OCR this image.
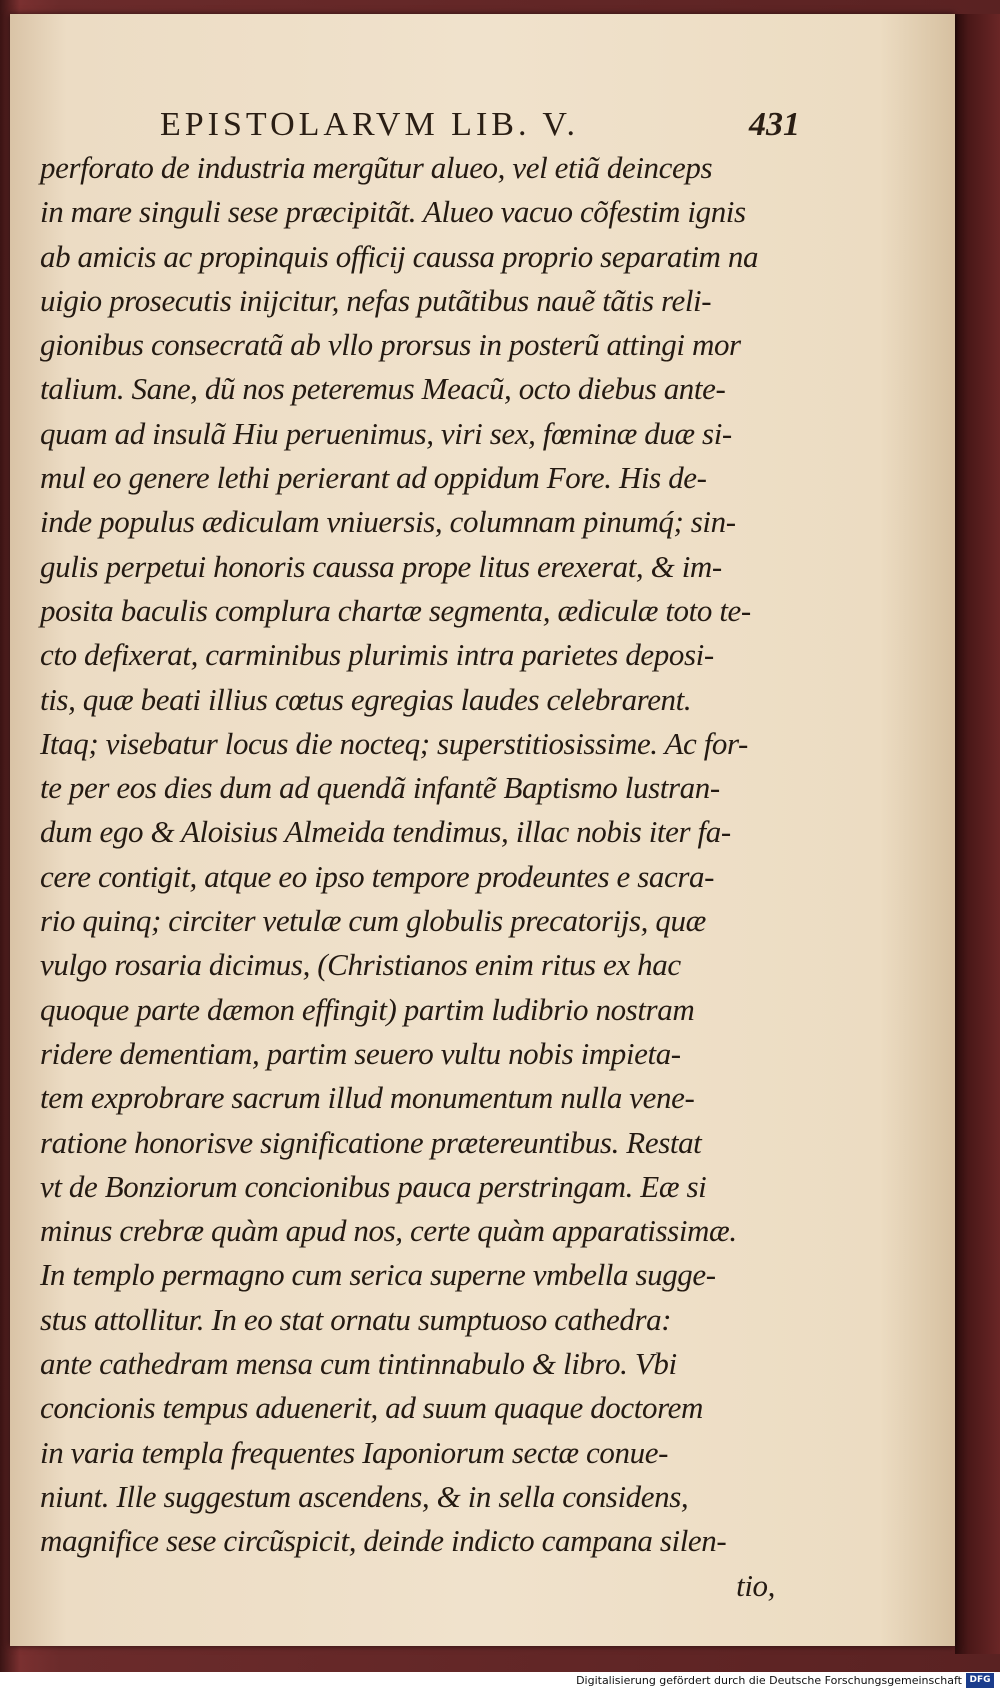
EPISTOLARVM LIB. V.	431
perforato de industria mergũtur alueo, vel etiã deinceps
in mare singuli sese præcipitãt. Alueo vacuo cõfestim ignis
ab amicis ac propinquis officij caussa proprio separatim na
uigio prosecutis inijcitur, nefas putãtibus nauẽ tãtis reli-
gionibus consecratã ab vllo prorsus in posterũ attingi mor
talium. Sane, dũ nos peteremus Meacũ, octo diebus ante-
quam ad insulã Hiu peruenimus, viri sex, fœminæ duæ si-
mul eo genere lethi perierant ad oppidum Fore. His de-
inde populus ædiculam vniuersis, columnam pinumq́; sin-
gulis perpetui honoris caussa prope litus erexerat, & im-
posita baculis complura chartæ segmenta, ædiculæ toto te-
cto defixerat, carminibus plurimis intra parietes deposi-
tis, quæ beati illius cœtus egregias laudes celebrarent.
Itaq; visebatur locus die nocteq; superstitiosissime. Ac for-
te per eos dies dum ad quendã infantẽ Baptismo lustran-
dum ego & Aloisius Almeida tendimus, illac nobis iter fa-
cere contigit, atque eo ipso tempore prodeuntes e sacra-
rio quinq; circiter vetulæ cum globulis precatorijs, quæ
vulgo rosaria dicimus, (Christianos enim ritus ex hac
quoque parte dæmon effingit) partim ludibrio nostram
ridere dementiam, partim seuero vultu nobis impieta-
tem exprobrare sacrum illud monumentum nulla vene-
ratione honorisve significatione prætereuntibus. Restat
vt de Bonziorum concionibus pauca perstringam. Eæ si
minus crebræ quàm apud nos, certe quàm apparatissimæ.
In templo permagno cum serica superne vmbella sugge-
stus attollitur. In eo stat ornatu sumptuoso cathedra:
ante cathedram mensa cum tintinnabulo & libro. Vbi
concionis tempus aduenerit, ad suum quaque doctorem
in varia templa frequentes Iaponiorum sectæ conue-
niunt. Ille suggestum ascendens, & in sella considens,
magnifice sese circũspicit, deinde indicto campana silen-
tio,
Digitalisierung gefördert durch die Deutsche Forschungsgemeinschaft DFG
